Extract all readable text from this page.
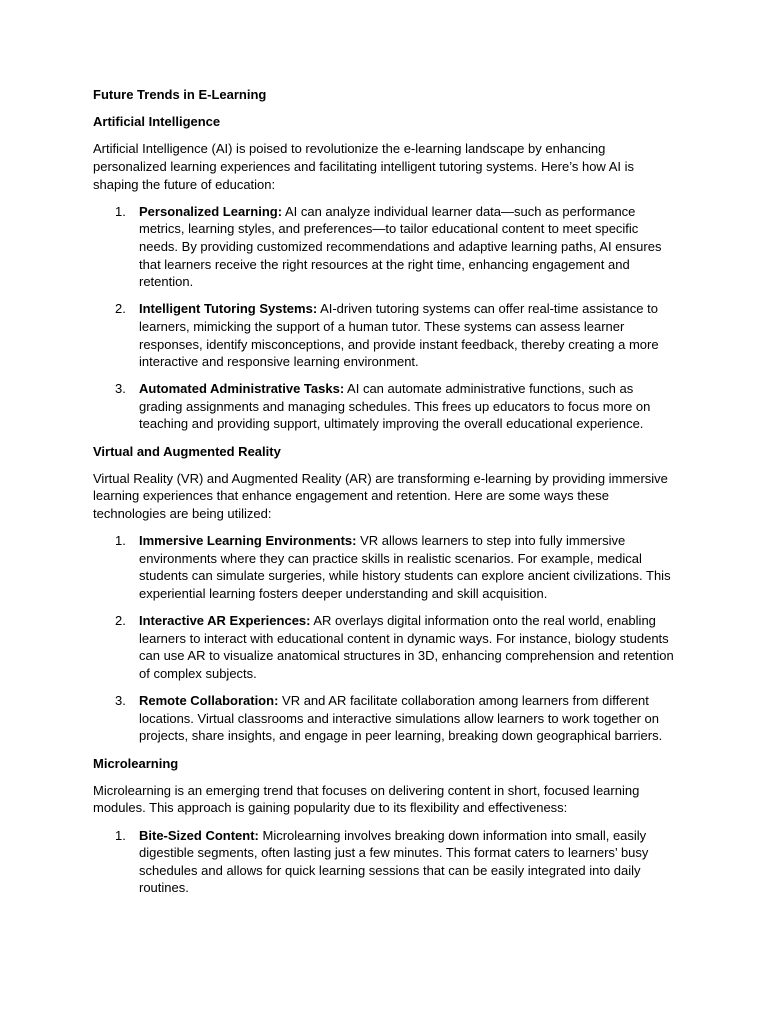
Future Trends in E-Learning

Artificial Intelligence

Artificial Intelligence (AI) is poised to revolutionize the e-learning landscape by enhancing personalized learning experiences and facilitating intelligent tutoring systems. Here’s how AI is shaping the future of education:

1. Personalized Learning: AI can analyze individual learner data—such as performance metrics, learning styles, and preferences—to tailor educational content to meet specific needs. By providing customized recommendations and adaptive learning paths, AI ensures that learners receive the right resources at the right time, enhancing engagement and retention.
2. Intelligent Tutoring Systems: AI-driven tutoring systems can offer real-time assistance to learners, mimicking the support of a human tutor. These systems can assess learner responses, identify misconceptions, and provide instant feedback, thereby creating a more interactive and responsive learning environment.
3. Automated Administrative Tasks: AI can automate administrative functions, such as grading assignments and managing schedules. This frees up educators to focus more on teaching and providing support, ultimately improving the overall educational experience.

Virtual and Augmented Reality

Virtual Reality (VR) and Augmented Reality (AR) are transforming e-learning by providing immersive learning experiences that enhance engagement and retention. Here are some ways these technologies are being utilized:

1. Immersive Learning Environments: VR allows learners to step into fully immersive environments where they can practice skills in realistic scenarios. For example, medical students can simulate surgeries, while history students can explore ancient civilizations. This experiential learning fosters deeper understanding and skill acquisition.
2. Interactive AR Experiences: AR overlays digital information onto the real world, enabling learners to interact with educational content in dynamic ways. For instance, biology students can use AR to visualize anatomical structures in 3D, enhancing comprehension and retention of complex subjects.
3. Remote Collaboration: VR and AR facilitate collaboration among learners from different locations. Virtual classrooms and interactive simulations allow learners to work together on projects, share insights, and engage in peer learning, breaking down geographical barriers.

Microlearning

Microlearning is an emerging trend that focuses on delivering content in short, focused learning modules. This approach is gaining popularity due to its flexibility and effectiveness:

1. Bite-Sized Content: Microlearning involves breaking down information into small, easily digestible segments, often lasting just a few minutes. This format caters to learners’ busy schedules and allows for quick learning sessions that can be easily integrated into daily routines.
